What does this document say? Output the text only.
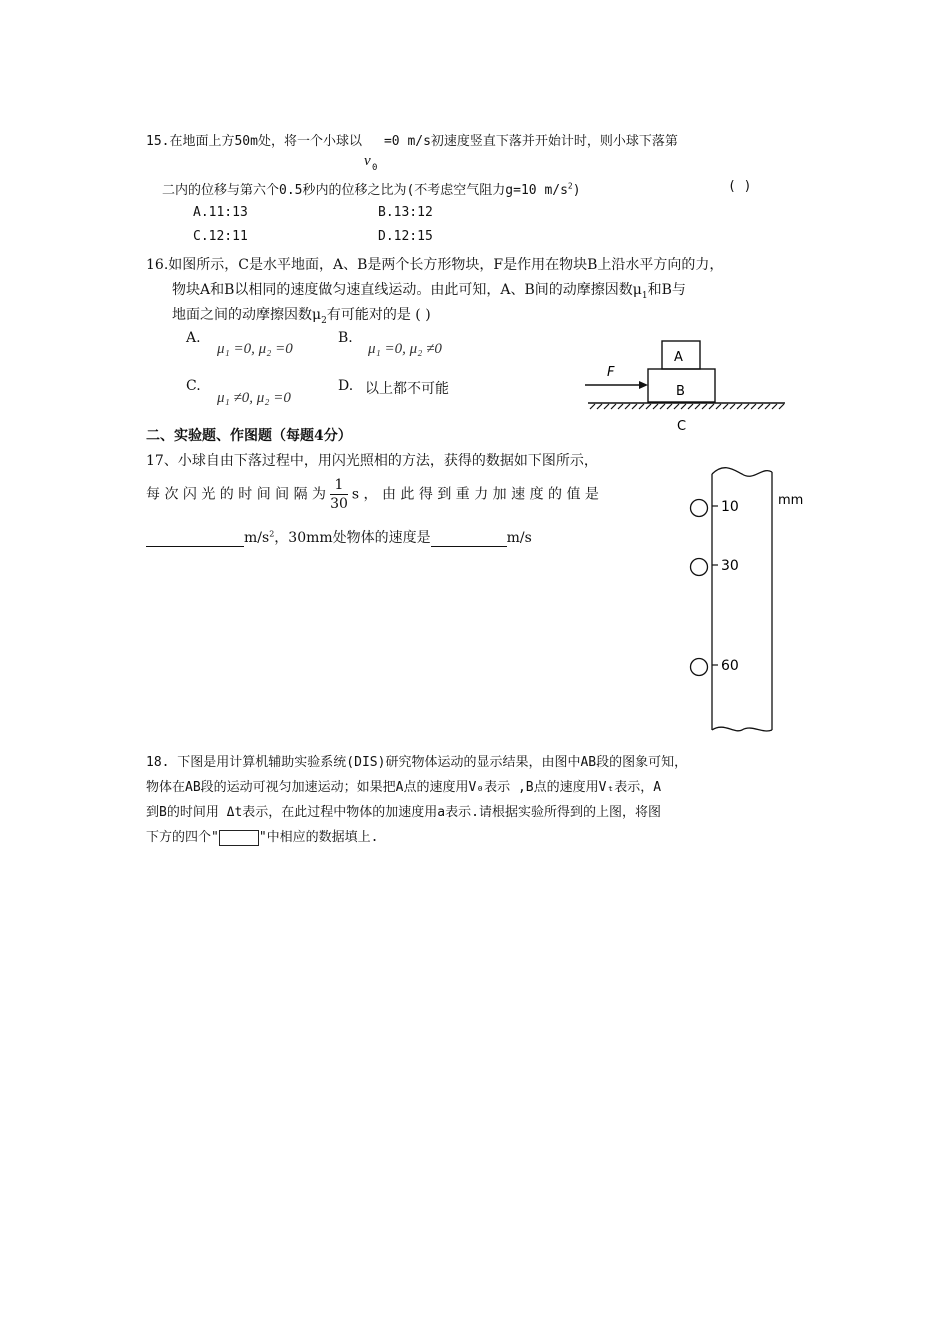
15.在地面上方50m处，将一个小球以
v 0
=0 m/s初速度竖直下落并开始计时，则小球下落第
二内的位移与第六个0.5秒内的位移之比为(不考虑空气阻力g=10 $m/s^2$)	( )
A.11:13	B.13:12
C.12:11	D.12:15
16.如图所示，C是水平地面，A、B是两个长方形物块，F是作用在物块B上沿水平方向的力，
物块A和B以相同的速度做匀速直线运动。由此可知，A、B间的动摩擦因数$\mu_1$和B与
地面之间的动摩擦因数$\mu_2$有可能对的是 ( )
A.
μ₁ =0, μ₂ =0
B.
μ₁ =0, μ₂ ≠0
C.
μ₁ ≠0, μ₂ =0
D. 以上都不可能
A
B
F
C
二、实验题、作图题（每题4分）
17、小球自由下落过程中，用闪光照相的方法，获得的数据如下图所示，
每 次 闪 光 的 时 间 间 隔 为 $\frac{1}{30}$ s ， 由 此 得 到 重 力 加 速 度 的 值 是
$m/s^2$，30mm处物体的速度是	m/s
mm
10
30
60
18. 下图是用计算机辅助实验系统(DIS)研究物体运动的显示结果，由图中AB段的图象可知，
物体在AB段的运动可视匀加速运动；如果把A点的速度用V₀表示 ,B点的速度用Vₜ表示，A
到B的时间用 Δt表示，在此过程中物体的加速度用a表示.请根据实验所得到的上图，将图
下方的四个"	"中相应的数据填上.
